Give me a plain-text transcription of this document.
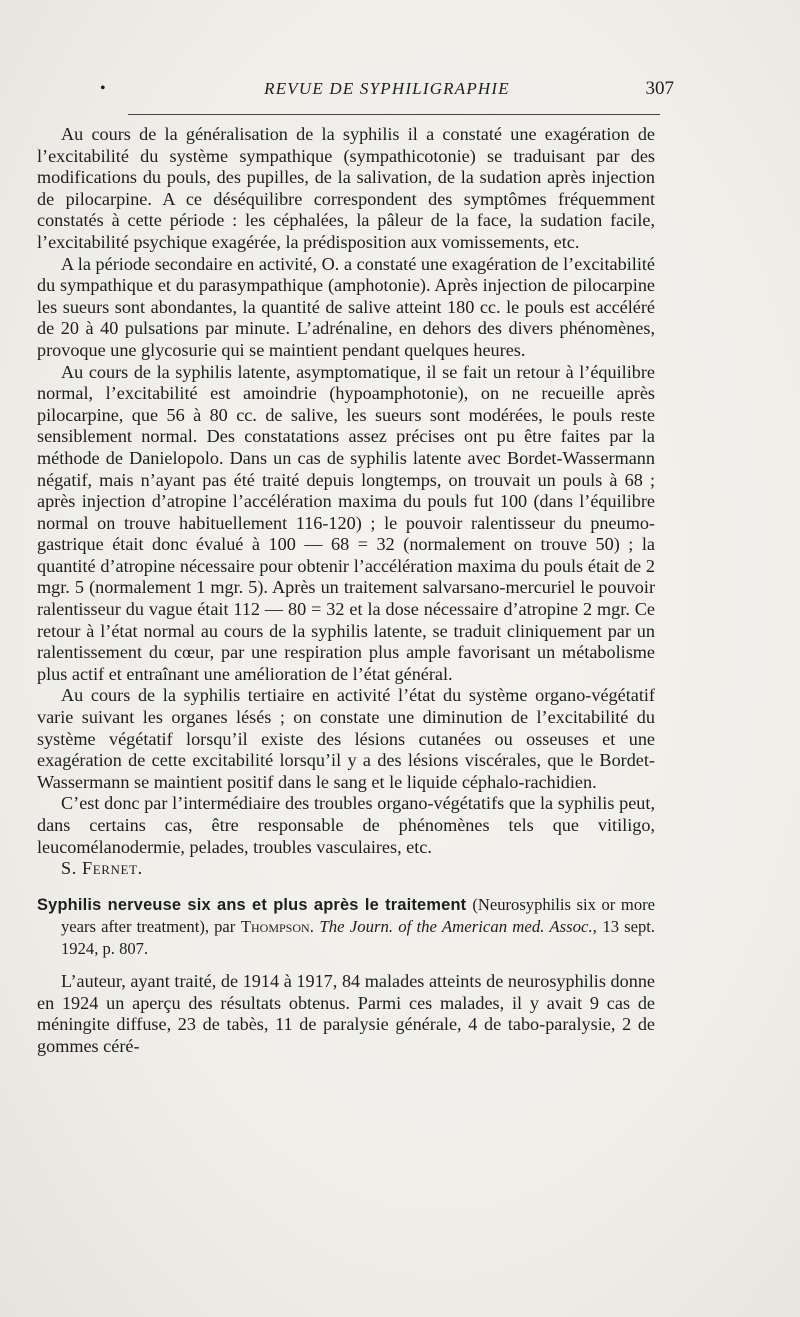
•	REVUE DE SYPHILIGRAPHIE	307

Au cours de la généralisation de la syphilis il a constaté une exagération de l’excitabilité du système sympathique (sympathicotonie) se traduisant par des modifications du pouls, des pupilles, de la salivation, de la sudation après injection de pilocarpine. A ce déséquilibre correspondent des symptômes fréquemment constatés à cette période : les céphalées, la pâleur de la face, la sudation facile, l’excitabilité psychique exagérée, la prédisposition aux vomissements, etc.

A la période secondaire en activité, O. a constaté une exagération de l’excitabilité du sympathique et du parasympathique (amphotonie). Après injection de pilocarpine les sueurs sont abondantes, la quantité de salive atteint 180 cc. le pouls est accéléré de 20 à 40 pulsations par minute. L’adrénaline, en dehors des divers phénomènes, provoque une glycosurie qui se maintient pendant quelques heures.

Au cours de la syphilis latente, asymptomatique, il se fait un retour à l’équilibre normal, l’excitabilité est amoindrie (hypoamphotonie), on ne recueille après pilocarpine, que 56 à 80 cc. de salive, les sueurs sont modérées, le pouls reste sensiblement normal. Des constatations assez précises ont pu être faites par la méthode de Danielopolo. Dans un cas de syphilis latente avec Bordet-Wassermann négatif, mais n’ayant pas été traité depuis longtemps, on trouvait un pouls à 68 ; après injection d’atropine l’accélération maxima du pouls fut 100 (dans l’équilibre normal on trouve habituellement 116-120) ; le pouvoir ralentisseur du pneumo-gastrique était donc évalué à 100 — 68 = 32 (normalement on trouve 50) ; la quantité d’atropine nécessaire pour obtenir l’accélération maxima du pouls était de 2 mgr. 5 (normalement 1 mgr. 5). Après un traitement salvarsano-mercuriel le pouvoir ralentisseur du vague était 112 — 80 = 32 et la dose nécessaire d’atropine 2 mgr. Ce retour à l’état normal au cours de la syphilis latente, se traduit cliniquement par un ralentissement du cœur, par une respiration plus ample favorisant un métabolisme plus actif et entraînant une amélioration de l’état général.

Au cours de la syphilis tertiaire en activité l’état du système organo-végétatif varie suivant les organes lésés ; on constate une diminution de l’excitabilité du système végétatif lorsqu’il existe des lésions cutanées ou osseuses et une exagération de cette excitabilité lorsqu’il y a des lésions viscérales, que le Bordet-Wassermann se maintient positif dans le sang et le liquide céphalo-rachidien.

C’est donc par l’intermédiaire des troubles organo-végétatifs que la syphilis peut, dans certains cas, être responsable de phénomènes tels que vitiligo, leucomélanodermie, pelades, troubles vasculaires, etc.

S. Fernet.

Syphilis nerveuse six ans et plus après le traitement (Neurosyphilis six or more years after treatment), par Thompson. The Journ. of the American med. Assoc., 13 sept. 1924, p. 807.

L’auteur, ayant traité, de 1914 à 1917, 84 malades atteints de neurosyphilis donne en 1924 un aperçu des résultats obtenus. Parmi ces malades, il y avait 9 cas de méningite diffuse, 23 de tabès, 11 de paralysie générale, 4 de tabo-paralysie, 2 de gommes céré-
